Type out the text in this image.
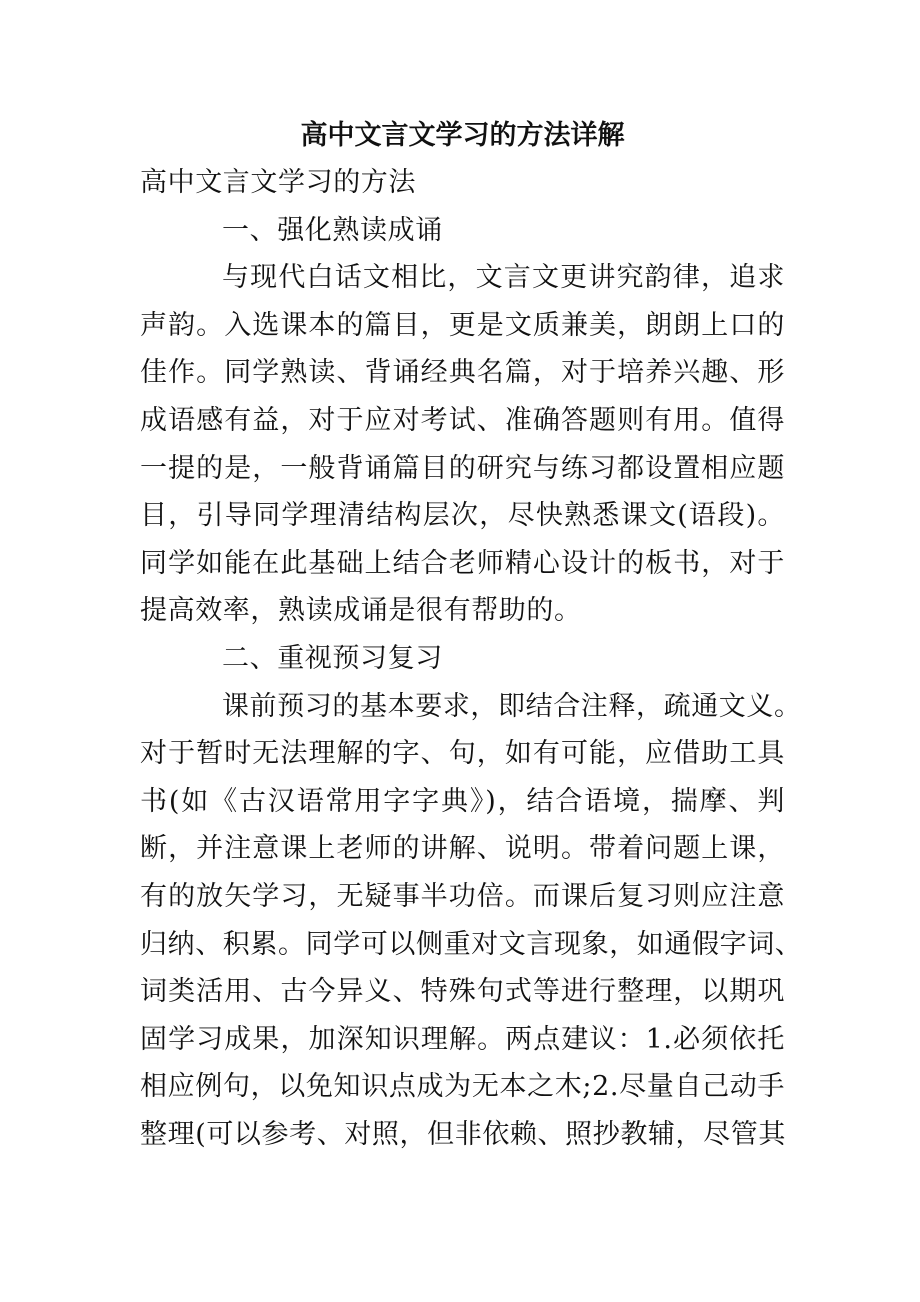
高中文言文学习的方法详解
高中文言文学习的方法
一、强化熟读成诵
与现代白话文相比，文言文更讲究韵律，追求
声韵。入选课本的篇目，更是文质兼美，朗朗上口的
佳作。同学熟读、背诵经典名篇，对于培养兴趣、形
成语感有益，对于应对考试、准确答题则有用。值得
一提的是，一般背诵篇目的研究与练习都设置相应题
目，引导同学理清结构层次，尽快熟悉课文(语段)。
同学如能在此基础上结合老师精心设计的板书，对于
提高效率，熟读成诵是很有帮助的。
二、重视预习复习
课前预习的基本要求，即结合注释，疏通文义。
对于暂时无法理解的字、句，如有可能，应借助工具
书(如《古汉语常用字字典》)，结合语境，揣摩、判
断，并注意课上老师的讲解、说明。带着问题上课，
有的放矢学习，无疑事半功倍。而课后复习则应注意
归纳、积累。同学可以侧重对文言现象，如通假字词、
词类活用、古今异义、特殊句式等进行整理，以期巩
固学习成果，加深知识理解。两点建议：1.必须依托
相应例句，以免知识点成为无本之木;2.尽量自己动手
整理(可以参考、对照，但非依赖、照抄教辅，尽管其
